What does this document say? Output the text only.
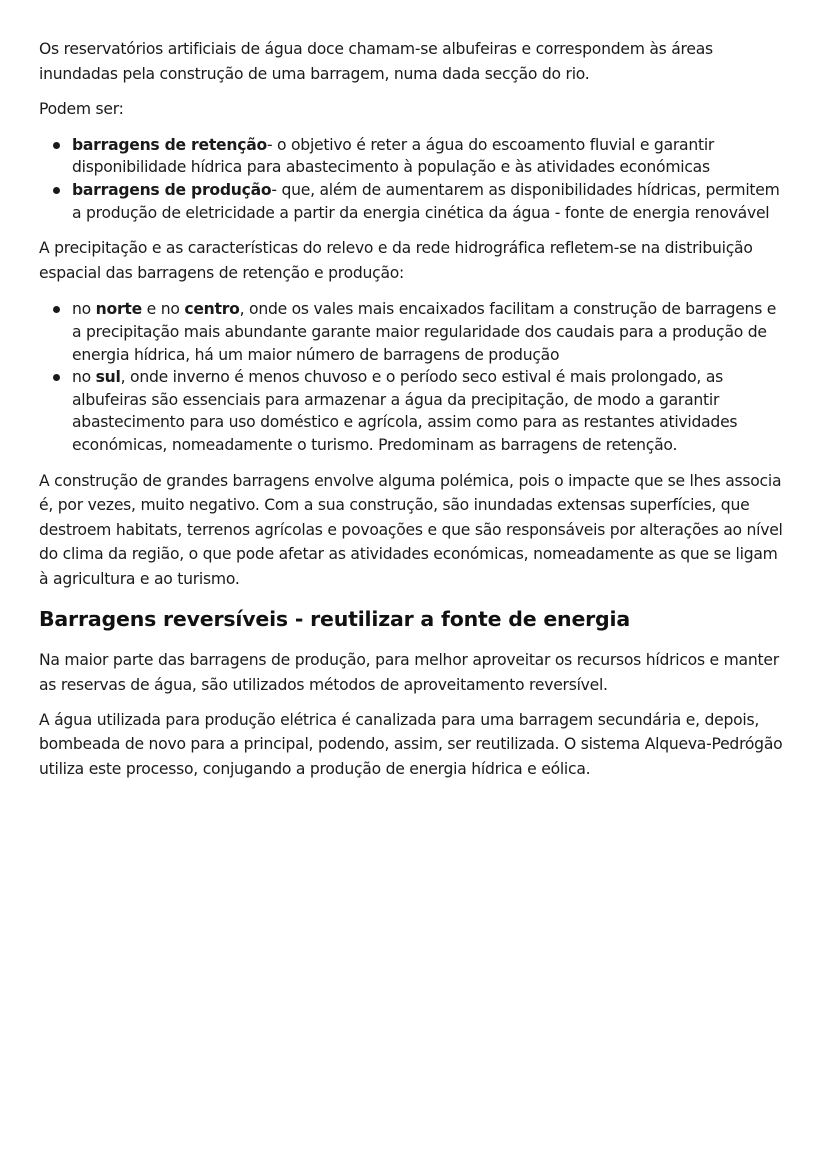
Os reservatórios artificiais de água doce chamam-se albufeiras e correspondem às áreas inundadas pela construção de uma barragem, numa dada secção do rio.

Podem ser:

barragens de retenção- o objetivo é reter a água do escoamento fluvial e garantir disponibilidade hídrica para abastecimento à população e às atividades económicas
barragens de produção- que, além de aumentarem as disponibilidades hídricas, permitem a produção de eletricidade a partir da energia cinética da água - fonte de energia renovável

A precipitação e as características do relevo e da rede hidrográfica refletem-se na distribuição espacial das barragens de retenção e produção:

no norte e no centro, onde os vales mais encaixados facilitam a construção de barragens e a precipitação mais abundante garante maior regularidade dos caudais para a produção de energia hídrica, há um maior número de barragens de produção
no sul, onde inverno é menos chuvoso e o período seco estival é mais prolongado, as albufeiras são essenciais para armazenar a água da precipitação, de modo a garantir abastecimento para uso doméstico e agrícola, assim como para as restantes atividades económicas, nomeadamente o turismo. Predominam as barragens de retenção.

A construção de grandes barragens envolve alguma polémica, pois o impacte que se lhes associa é, por vezes, muito negativo. Com a sua construção, são inundadas extensas superfícies, que destroem habitats, terrenos agrícolas e povoações e que são responsáveis por alterações ao nível do clima da região, o que pode afetar as atividades económicas, nomeadamente as que se ligam à agricultura e ao turismo.

Barragens reversíveis - reutilizar a fonte de energia

Na maior parte das barragens de produção, para melhor aproveitar os recursos hídricos e manter as reservas de água, são utilizados métodos de aproveitamento reversível.

A água utilizada para produção elétrica é canalizada para uma barragem secundária e, depois, bombeada de novo para a principal, podendo, assim, ser reutilizada. O sistema Alqueva-Pedrógão utiliza este processo, conjugando a produção de energia hídrica e eólica.
